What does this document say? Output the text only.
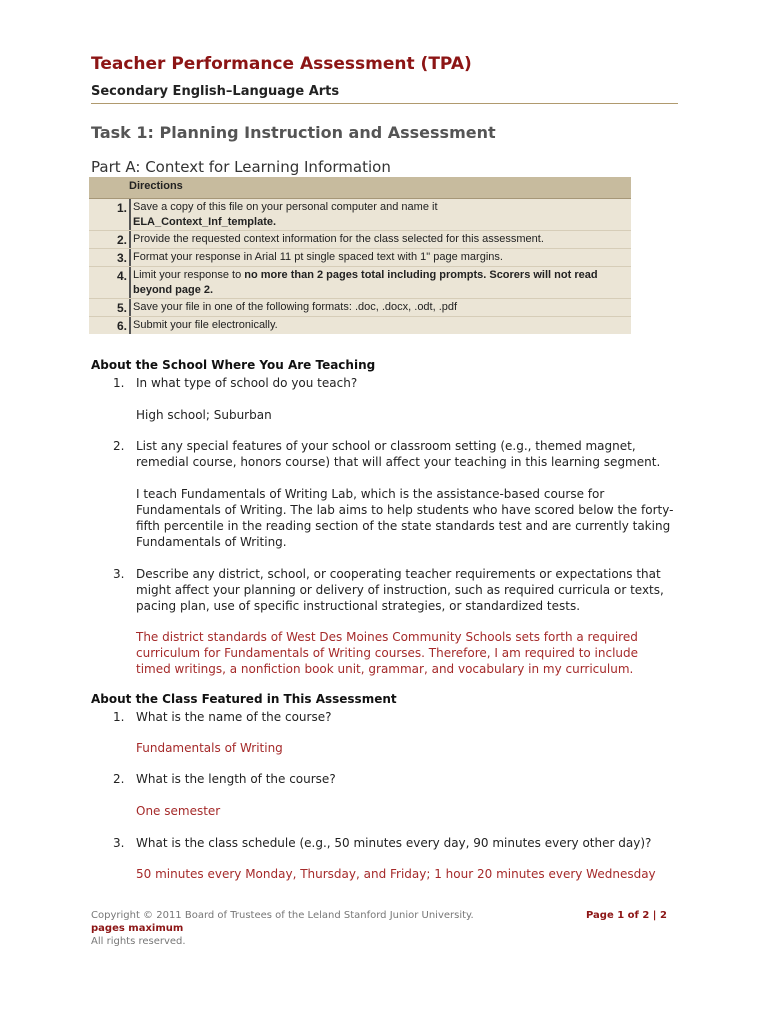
Teacher Performance Assessment (TPA)
Secondary English–Language Arts
Task 1: Planning Instruction and Assessment
Part A: Context for Learning Information
Directions
1. Save a copy of this file on your personal computer and name it
ELA_Context_Inf_template.
2. Provide the requested context information for the class selected for this assessment.
3. Format your response in Arial 11 pt single spaced text with 1" page margins.
4. Limit your response to no more than 2 pages total including prompts. Scorers will not read beyond page 2.
5. Save your file in one of the following formats: .doc, .docx, .odt, .pdf
6. Submit your file electronically.
About the School Where You Are Teaching
1. In what type of school do you teach?
High school; Suburban
2. List any special features of your school or classroom setting (e.g., themed magnet, remedial course, honors course) that will affect your teaching in this learning segment.
I teach Fundamentals of Writing Lab, which is the assistance-based course for Fundamentals of Writing. The lab aims to help students who have scored below the forty-fifth percentile in the reading section of the state standards test and are currently taking Fundamentals of Writing.
3. Describe any district, school, or cooperating teacher requirements or expectations that might affect your planning or delivery of instruction, such as required curricula or texts, pacing plan, use of specific instructional strategies, or standardized tests.
The district standards of West Des Moines Community Schools sets forth a required curriculum for Fundamentals of Writing courses. Therefore, I am required to include timed writings, a nonfiction book unit, grammar, and vocabulary in my curriculum.
About the Class Featured in This Assessment
1. What is the name of the course?
Fundamentals of Writing
2. What is the length of the course?
One semester
3. What is the class schedule (e.g., 50 minutes every day, 90 minutes every other day)?
50 minutes every Monday, Thursday, and Friday; 1 hour 20 minutes every Wednesday
Copyright © 2011 Board of Trustees of the Leland Stanford Junior University.
pages maximum
All rights reserved.
Page 1 of 2 | 2
